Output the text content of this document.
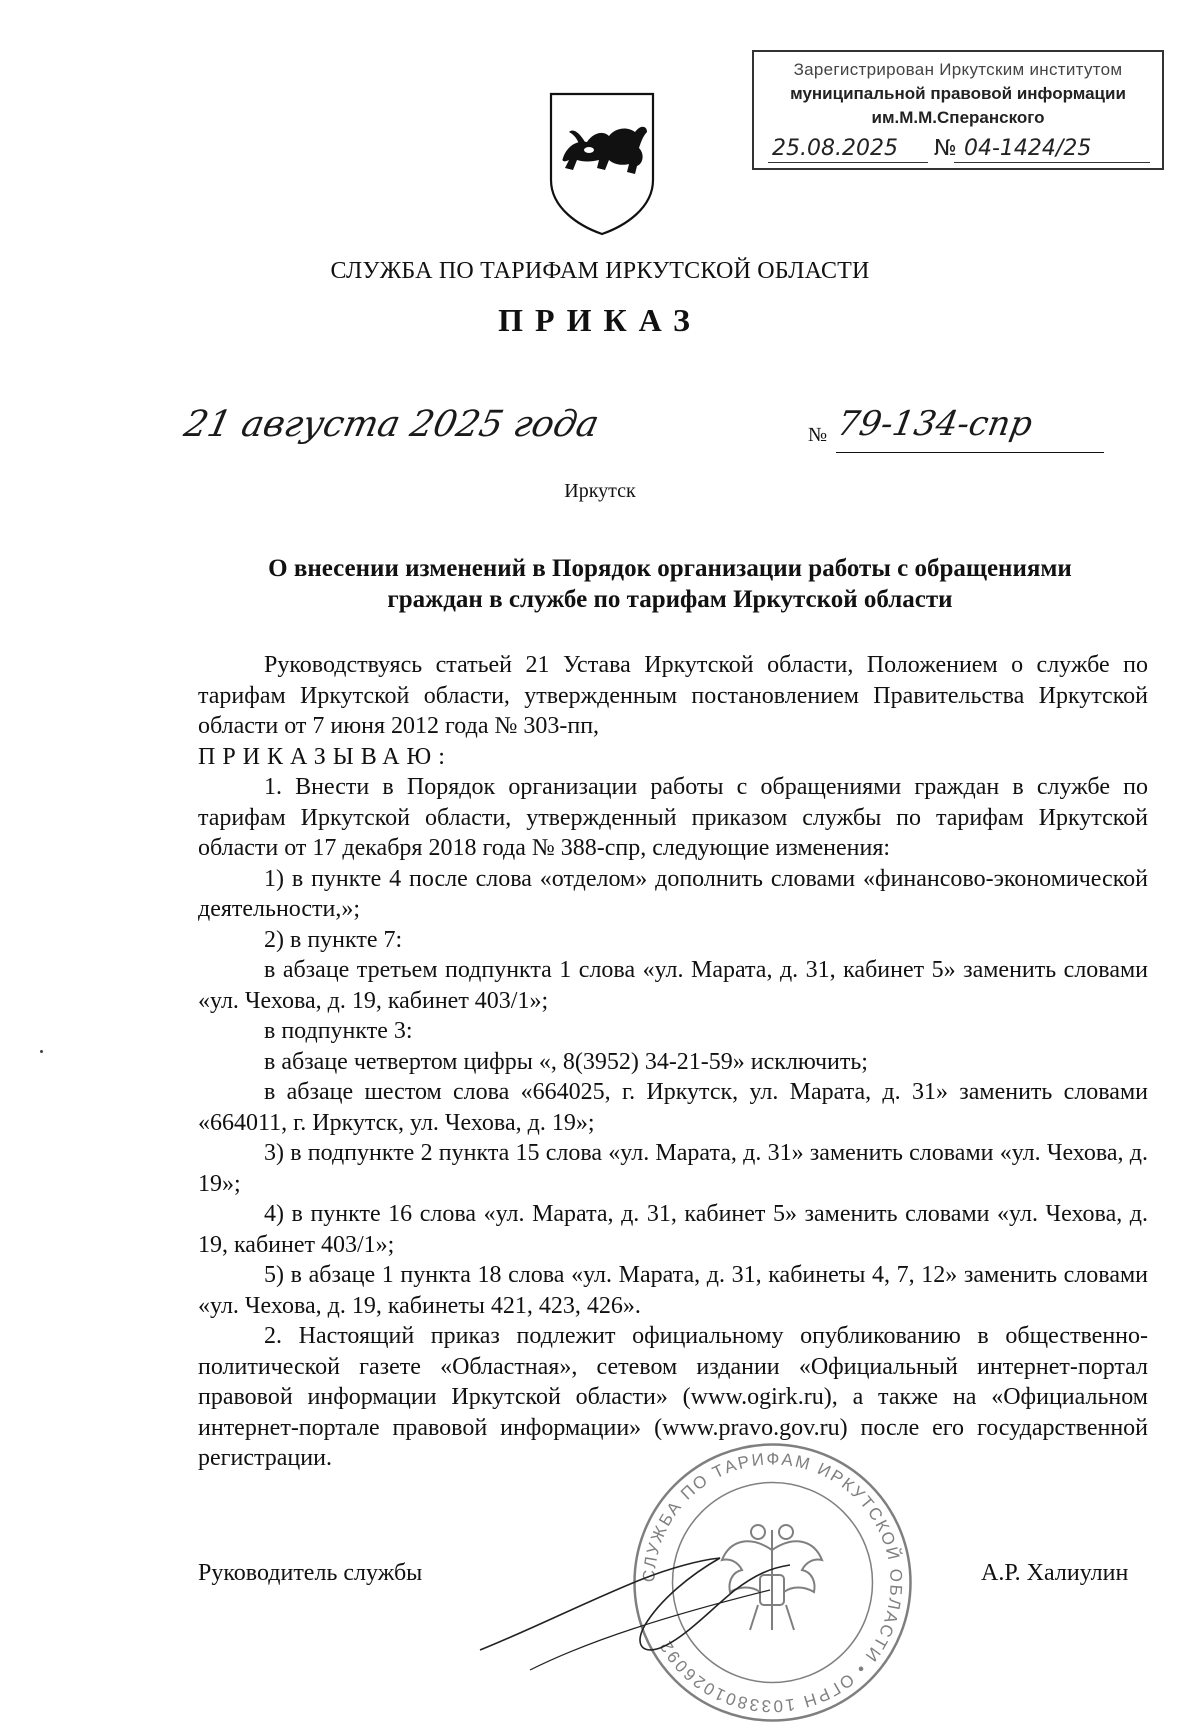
Зарегистрирован Иркутским институтом
муниципальной правовой информации
им.М.М.Сперанского
25.08.2025 № 04-1424/25
СЛУЖБА ПО ТАРИФАМ ИРКУТСКОЙ ОБЛАСТИ
ПРИКАЗ
21 августа 2025 года	№ 79-134-спр
Иркутск
О внесении изменений в Порядок организации работы с обращениями
граждан в службе по тарифам Иркутской области

Руководствуясь статьей 21 Устава Иркутской области, Положением о службе по тарифам Иркутской области, утвержденным постановлением Правительства Иркутской области от 7 июня 2012 года № 303-пп,

ПРИКАЗЫВАЮ:

1. Внести в Порядок организации работы с обращениями граждан в службе по тарифам Иркутской области, утвержденный приказом службы по тарифам Иркутской области от 17 декабря 2018 года № 388-спр, следующие изменения:

1) в пункте 4 после слова «отделом» дополнить словами «финансово-экономической деятельности,»;

2) в пункте 7:

в абзаце третьем подпункта 1 слова «ул. Марата, д. 31, кабинет 5» заменить словами «ул. Чехова, д. 19, кабинет 403/1»;

в подпункте 3:

в абзаце четвертом цифры «, 8(3952) 34-21-59» исключить;

в абзаце шестом слова «664025, г. Иркутск, ул. Марата, д. 31» заменить словами «664011, г. Иркутск, ул. Чехова, д. 19»;

3) в подпункте 2 пункта 15 слова «ул. Марата, д. 31» заменить словами «ул. Чехова, д. 19»;

4) в пункте 16 слова «ул. Марата, д. 31, кабинет 5» заменить словами «ул. Чехова, д. 19, кабинет 403/1»;

5) в абзаце 1 пункта 18 слова «ул. Марата, д. 31, кабинеты 4, 7, 12» заменить словами «ул. Чехова, д. 19, кабинеты 421, 423, 426».

2. Настоящий приказ подлежит официальному опубликованию в общественно-политической газете «Областная», сетевом издании «Официальный интернет-портал правовой информации Иркутской области» (www.ogirk.ru), а также на «Официальном интернет-портале правовой информации» (www.pravo.gov.ru) после его государственной регистрации.

СЛУЖБА ПО ТАРИФАМ ИРКУТСКОЙ ОБЛАСТИ • ОГРН 1033801026092
Руководитель службы	А.Р. Халиулин
